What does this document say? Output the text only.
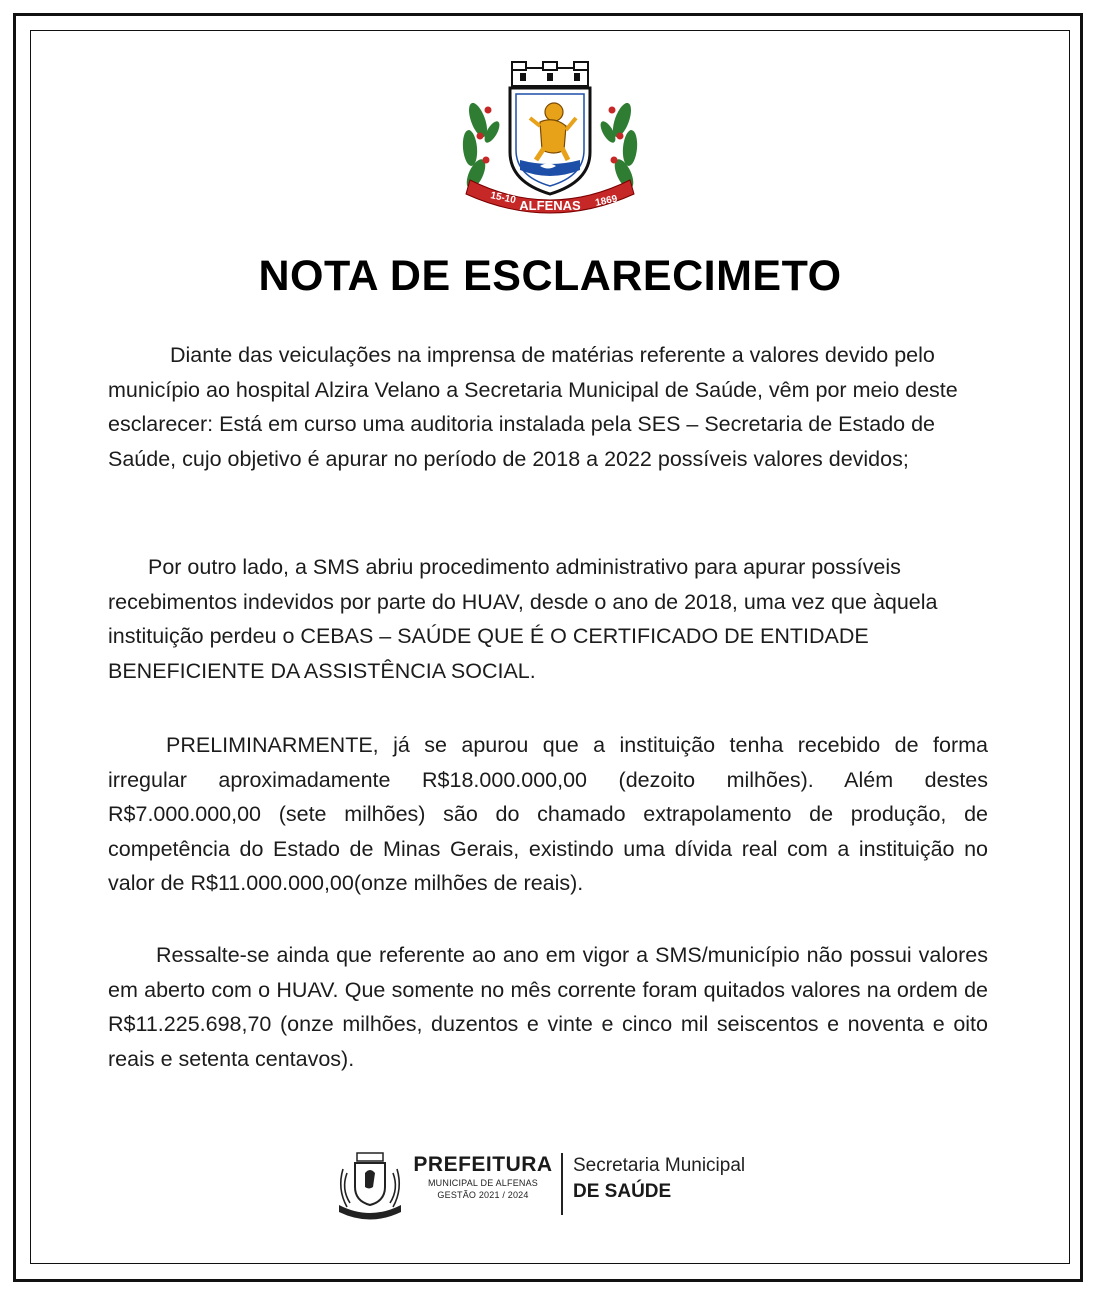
15-10 ALFENAS 1869
NOTA DE ESCLARECIMETO

Diante das veiculações na imprensa de matérias referente a valores devido pelo município ao hospital Alzira Velano a Secretaria Municipal de Saúde, vêm por meio deste esclarecer: Está em curso uma auditoria instalada pela SES – Secretaria de Estado de Saúde, cujo objetivo é apurar no período de 2018 a 2022 possíveis valores devidos;

Por outro lado, a SMS abriu procedimento administrativo para apurar possíveis recebimentos indevidos por parte do HUAV, desde o ano de 2018, uma vez que àquela instituição perdeu o CEBAS – SAÚDE QUE É O CERTIFICADO DE ENTIDADE BENEFICIENTE DA ASSISTÊNCIA SOCIAL.

PRELIMINARMENTE, já se apurou que a instituição tenha recebido de forma irregular aproximadamente R$18.000.000,00 (dezoito milhões). Além destes R$7.000.000,00 (sete milhões) são do chamado extrapolamento de produção, de competência do Estado de Minas Gerais, existindo uma dívida real com a instituição no valor de R$11.000.000,00(onze milhões de reais).

Ressalte-se ainda que referente ao ano em vigor a SMS/município não possui valores em aberto com o HUAV. Que somente no mês corrente foram quitados valores na ordem de R$11.225.698,70 (onze milhões, duzentos e vinte e cinco mil seiscentos e noventa e oito reais e setenta centavos).

PREFEITURA
MUNICIPAL DE ALFENAS
GESTÃO 2021 / 2024
Secretaria Municipal
DE SAÚDE
